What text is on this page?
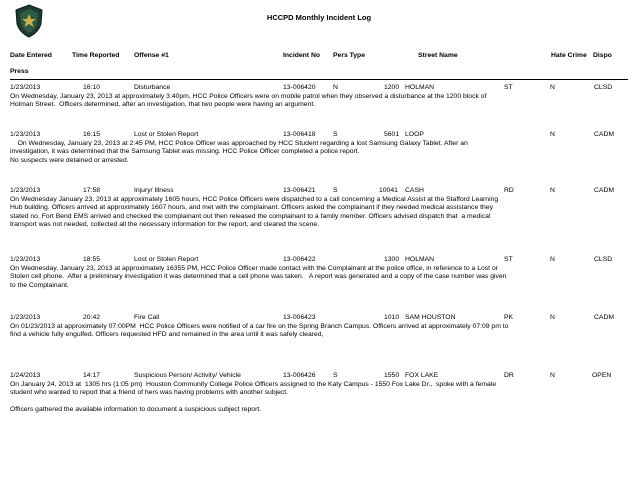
HCCPD Monthly Incident Log
Date Entered	Time Reported Offense #1	Incident No Pers Type	Street Name	Hate Crime Dispo
Press
1/23/2013	16:10	Disturbance	13-006420	N	1200 HOLMAN	ST	N	CLSD
On Wednesday, January 23, 2013 at approximately 3:40pm, HCC Police Officers were on mobile patrol when they observed a disturbance at the 1200 block of
Holman Street.  Officers determined, after an investigation, that two people were having an argument.
1/23/2013	16:15	Lost or Stolen Report	13-006418	S	5601 LOOP	N	CADM
On Wednesday, January 23, 2013 at 2:45 PM, HCC Police Officer was approached by HCC Student regarding a lost Samsung Galaxy Tablet. After an
investigation, it was determined that the Samsung Tablet was missing. HCC Police Officer completed a police report.
No suspects were detained or arrested.
1/23/2013	17:58	Injury/ Illness	13-006421	S	10041 CASH	RD	N	CADM
On Wednesday January 23, 2013 at approximately 1605 hours, HCC Police Officers were dispatched to a call concerning a Medical Assist at the Stafford Learning
Hub building. Officers arrived at approximately 1607 hours, and met with the complainant. Officers asked the complainant if they needed medical assistance they
stated no. Fort Bend EMS arrived and checked the complainant out then released the complainant to a family member. Officers advised dispatch that  a medical
transport was not needed, collected all the necessary information for the report, and cleared the scene.
1/23/2013	18:55	Lost or Stolen Report	13-006422	1300 HOLMAN	ST	N	CLSD
On Wednesday, January 23, 2013 at approximately 16355 PM, HCC Police Officer made contact with the Complainant at the police office, in reference to a Lost or
Stolen cell phone.  After a preliminary investigation it was determined that a cell phone was taken.   A report was generated and a copy of the case number was given
to the Complainant.
1/23/2013	20:42	Fire Call	13-006423	1010 SAM HOUSTON	PK	N	CADM
On 01/23/2013 at approximately 07:00PM  HCC Police Officers were notified of a car fire on the Spring Branch Campus. Officers arrived at approximately 07:09 pm to
find a vehicle fully engulfed. Officers requested HFD and remained in the area until it was safely cleared,
1/24/2013	14:17	Suspicious Person/ Activity/ Vehicle	13-006426	S	1550 FOX LAKE	DR	N	OPEN
On January 24, 2013 at  1305 hrs (1:05 pm)  Houston Community College Police Officers assigned to the Katy Campus - 1550 Fox Lake Dr.,  spoke with a female
student who wanted to report that a friend of hers was having problems with another subject.

Officers gathered the available information to document a suspicious subject report.
